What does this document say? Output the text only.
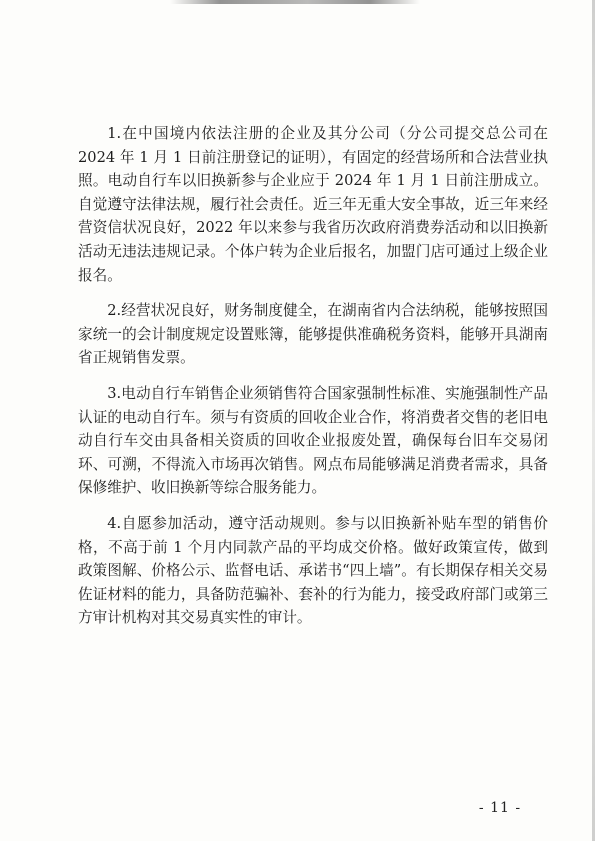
1.在中国境内依法注册的企业及其分公司（分公司提交总公司在 2024 年 1 月 1 日前注册登记的证明），有固定的经营场所和合法营业执照。电动自行车以旧换新参与企业应于 2024 年 1 月 1 日前注册成立。自觉遵守法律法规，履行社会责任。近三年无重大安全事故，近三年来经营资信状况良好，2022 年以来参与我省历次政府消费券活动和以旧换新活动无违法违规记录。个体户转为企业后报名，加盟门店可通过上级企业报名。

2.经营状况良好，财务制度健全，在湖南省内合法纳税，能够按照国家统一的会计制度规定设置账簿，能够提供准确税务资料，能够开具湖南省正规销售发票。

3.电动自行车销售企业须销售符合国家强制性标准、实施强制性产品认证的电动自行车。须与有资质的回收企业合作，将消费者交售的老旧电动自行车交由具备相关资质的回收企业报废处置，确保每台旧车交易闭环、可溯，不得流入市场再次销售。网点布局能够满足消费者需求，具备保修维护、收旧换新等综合服务能力。

4.自愿参加活动，遵守活动规则。参与以旧换新补贴车型的销售价格，不高于前 1 个月内同款产品的平均成交价格。做好政策宣传，做到政策图解、价格公示、监督电话、承诺书“四上墙”。有长期保存相关交易佐证材料的能力，具备防范骗补、套补的行为能力，接受政府部门或第三方审计机构对其交易真实性的审计。

- 11 -
